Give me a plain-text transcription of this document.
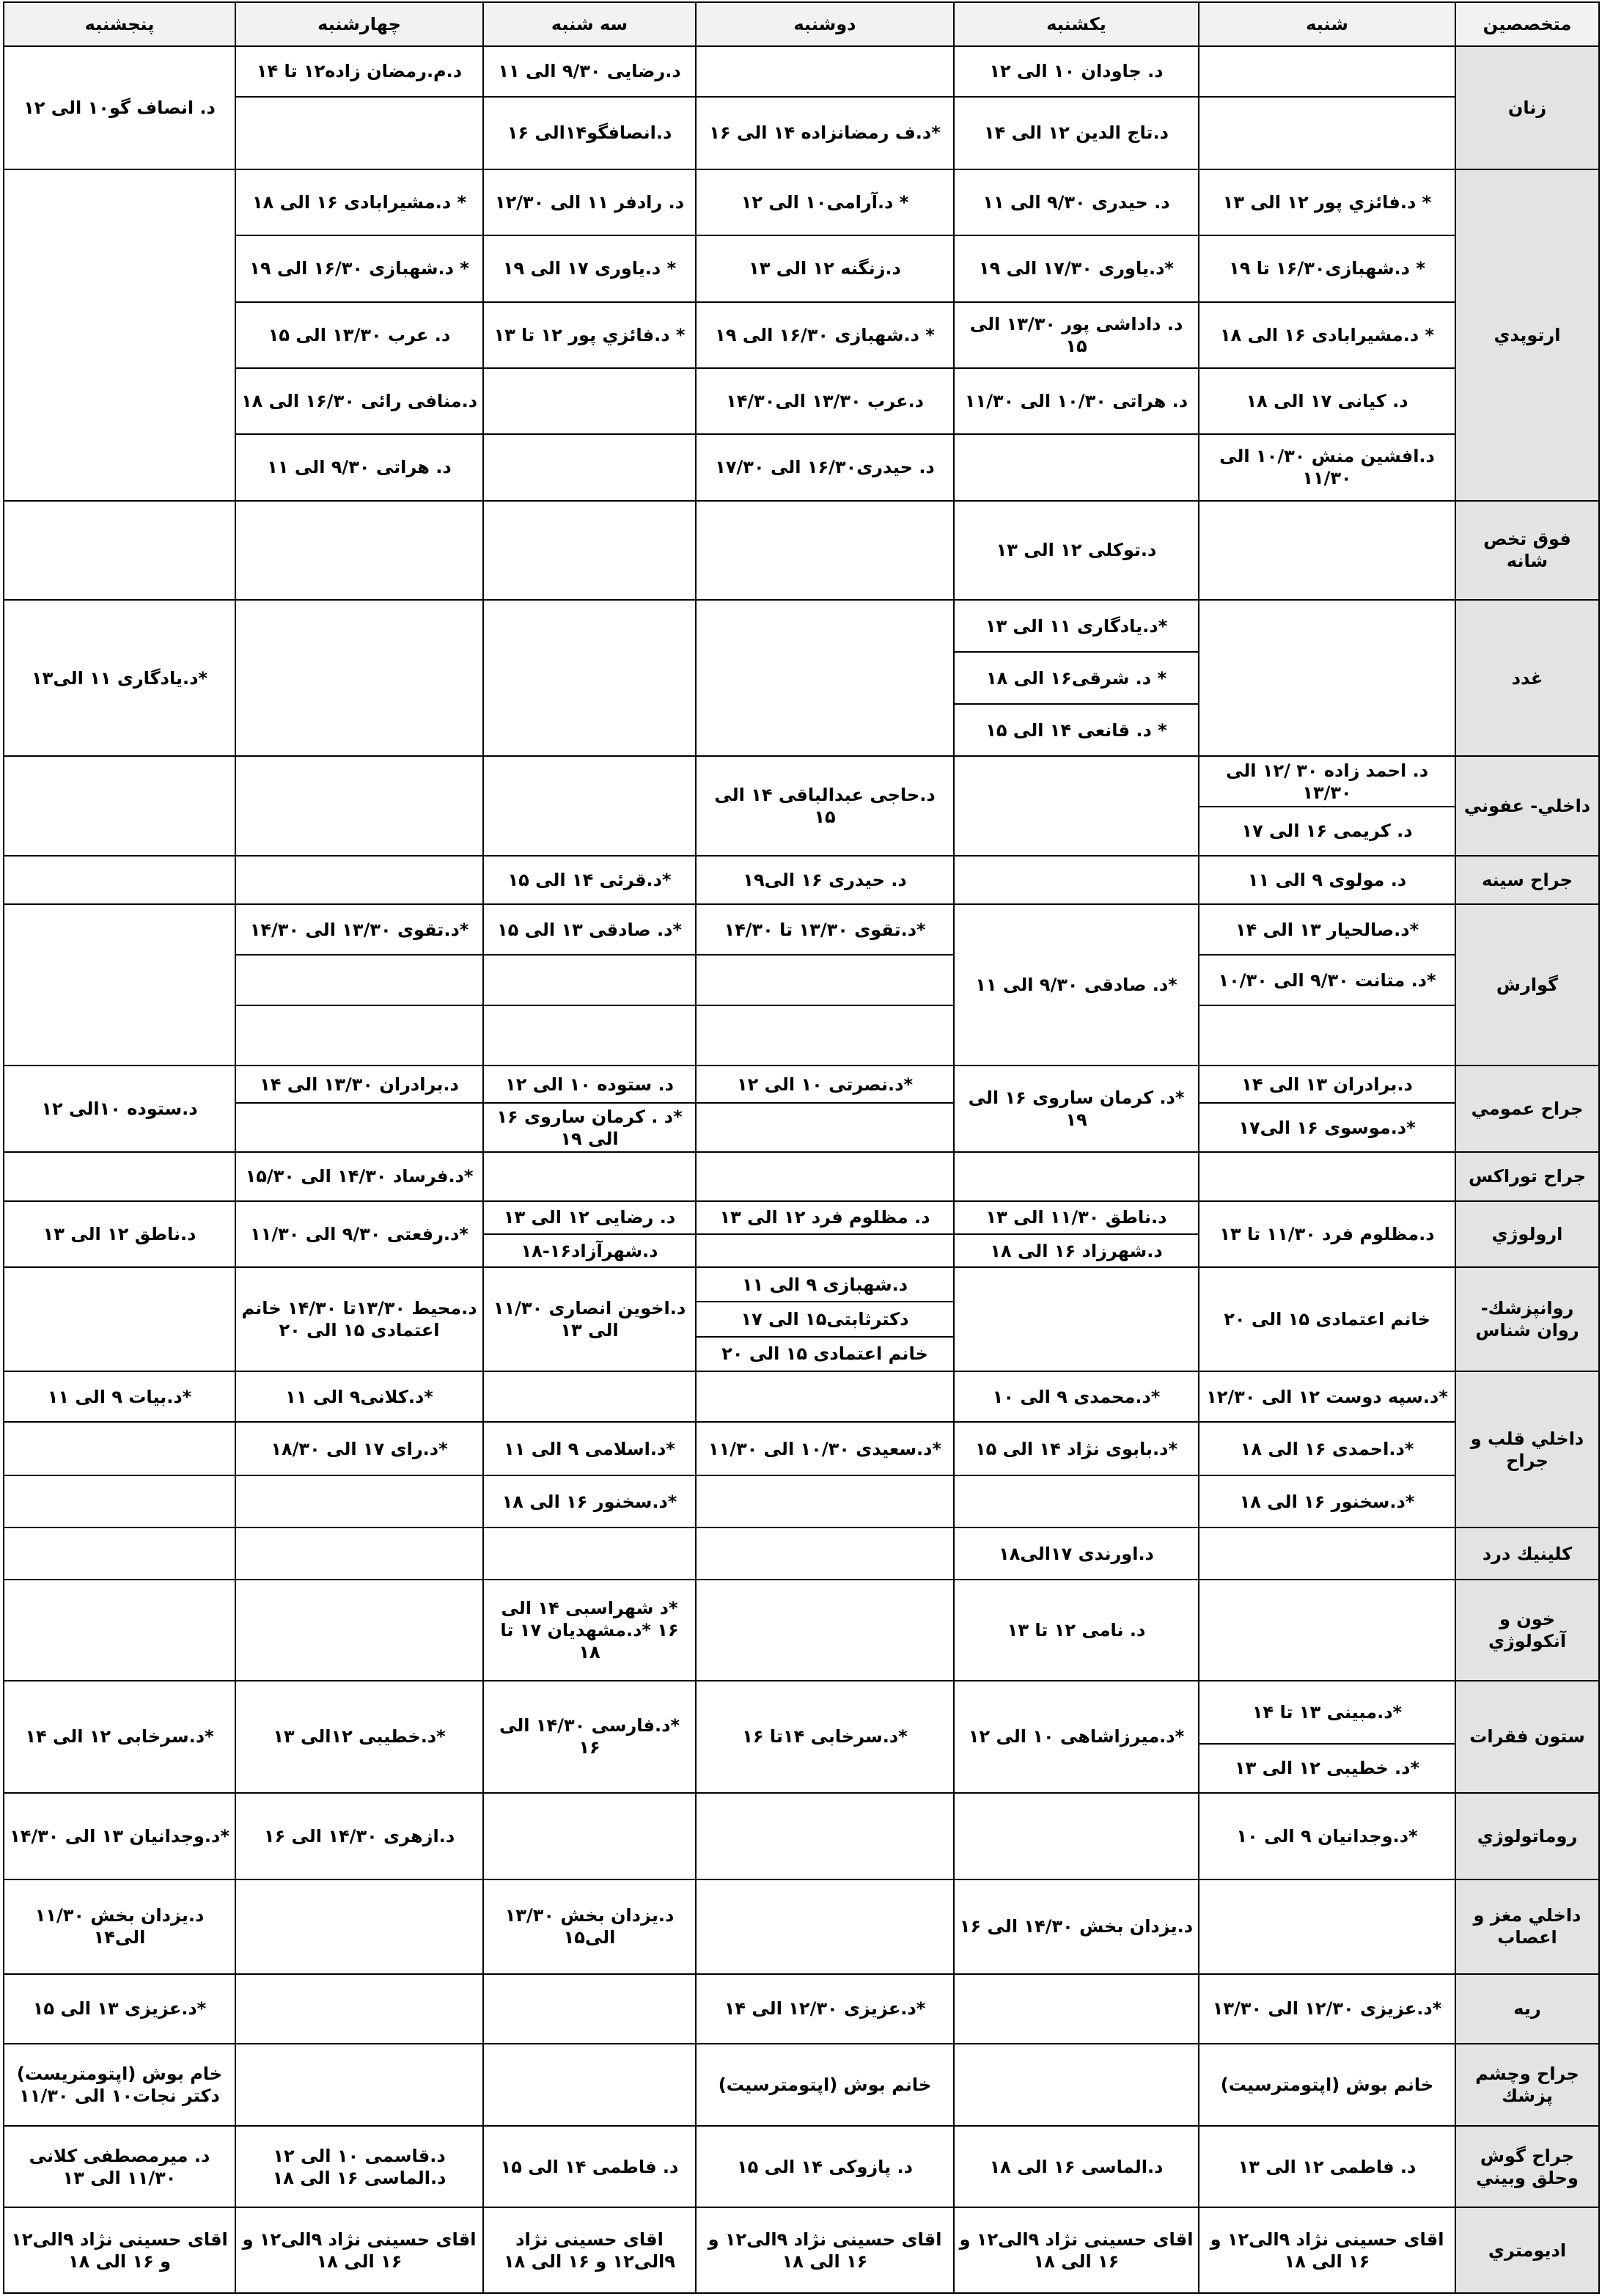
متخصصين	شنبه	يكشنبه	دوشنبه	سه شنبه	چهارشنبه	پنجشنبه
زنان		د. جاودان ۱۰ الی ۱۲		د.رضایی ۹/۳۰ الی ۱۱	د.م.رمضان زاده۱۲ تا ۱۴	د. انصاف گو۱۰ الی ۱۲
		د.تاج الدين ١٢ الى ١۴	*د.ف رمضانزاده ۱۴ الی ۱۶	د.انصافگو۱۴الی ۱۶		
ارتوپدي	* د.فائزي پور ۱۲ الی ۱۳	د. حیدری ۹/۳۰ الی ۱۱	* د.آرامی۱۰ الی ۱۲	د. رادفر ۱۱ الی ۱۲/۳۰	* د.مشیرابادی ۱۶ الی ۱۸	
	* د.شهبازی۱۶/۳۰ تا ۱۹	*د.یاوری ۱۷/۳۰ الی ۱۹	د.زنگنه ۱۲ الی ۱۳	* د.یاوری ۱۷ الی ۱۹	* د.شهبازی ۱۶/۳۰ الی ۱۹	
	* د.مشیرابادی ۱۶ الی ۱۸	د. داداشی پور ۱۳/۳۰ الی ۱۵	* د.شهبازی ۱۶/۳۰ الی ۱۹	* د.فائزي پور ۱۲ تا ۱۳	د. عرب ۱۳/۳۰ الی ۱۵	
	د. کیانی ۱۷ الی ۱۸	د. هراتی ۱۰/۳۰ الی ۱۱/۳۰	د.عرب ۱۳/۳۰ الی۱۴/۳۰		د.منافی رائی ۱۶/۳۰ الی ۱۸	
	د.افشین منش ۱۰/۳۰ الی ۱۱/۳۰		د. حیدری۱۶/۳۰ الی ۱۷/۳۰		د. هراتی ۹/۳۰ الی ۱۱	
فوق تخص شانه		د.توکلی ۱۲ الی ۱۳				
غدد		*د.یادگاری ۱۱ الی ۱۳				*د.یادگاری ۱۱ الی۱۳
		* د. شرقی۱۶ الی ۱۸				
		* د. قانعی ۱۴ الی ۱۵				
داخلي- عفوني	د. احمد زاده ۳۰ /۱۲ الی ۱۳/۳۰		د.حاجی عبدالباقی ۱۴ الی ۱۵			
	د. کریمی ۱۶ الی ۱۷					
جراح سينه	د. مولوی ۹ الی ۱۱		د. حیدری ۱۶ الی۱۹	*د.قرئی ۱۴ الی ۱۵		
گوارش	*د.صالحیار ۱۳ الی ۱۴	*د. صادقی ۹/۳۰ الی ۱۱	*د.تقوی ۱۳/۳۰ تا ۱۴/۳۰	*د. صادقی ۱۳ الی ۱۵	*د.تقوی ۱۳/۳۰ الی ۱۴/۳۰	
	*د. متانت ۹/۳۰ الی ۱۰/۳۰					

جراح عمومي	د.برادران ۱۳ الی ۱۴	*د. کرمان ساروی ۱۶ الی ۱۹	*د.نصرتی ۱۰ الی ۱۲	د. ستوده ۱۰ الی ۱۲	د.برادران ۱۳/۳۰ الی ۱۴	د.ستوده ۱۰الی ۱۲
	*د.موسوی ۱۶ الی۱۷			*د . کرمان ساروی ۱۶ الی ۱۹		
جراح توراكس					*د.فرساد ۱۴/۳۰ الی ۱۵/۳۰	
ارولوژي	د.مظلوم فرد ۱۱/۳۰ تا ۱۳	د.ناطق ۱۱/۳۰ الی ۱۳	د. مظلوم فرد ۱۲ الی ۱۳	د. رضایی ۱۲ الی ۱۳	*د.رفعتی ۹/۳۰ الی ۱۱/۳۰	د.ناطق ۱۲ الی ۱۳
		د.شهرزاد ۱۶ الی ۱۸		د.شهرآزاد۱۶-۱۸		
روانپزشك- روان شناس	خانم اعتمادی ۱۵ الی ۲۰		د.شهبازی ۹ الی ۱۱	د.اخوین انصاری ۱۱/۳۰ الی ۱۳	د.محیط ۱۳/۳۰تا ۱۴/۳۰ خانم اعتمادی ۱۵ الی ۲۰	
			دکترثابتی۱۵ الی ۱۷			
			خانم اعتمادی ۱۵ الی ۲۰			
داخلي قلب و جراح	*د.سپه دوست ۱۲ الی ۱۲/۳۰	*د.محمدی ۹ الی ۱۰			*د.کلانی۹ الی ۱۱	*د.بیات ۹ الی ۱۱
	*د.احمدی ۱۶ الی ۱۸	*د.بابوی نژاد ۱۴ الی ۱۵	*د.سعیدی ۱۰/۳۰ الی ۱۱/۳۰	*د.اسلامی ۹ الی ۱۱	*د.رای ۱۷ الی ۱۸/۳۰	
	*د.سخنور ۱۶ الی ۱۸			*د.سخنور ۱۶ الی ۱۸		
كلينيك درد		د.اورندی ۱۷الی۱۸				
خون و آنكولوژي		د. نامی ۱۲ تا ۱۳		*د شهراسبی ۱۴ الی ۱۶ *د.مشهدیان ۱۷ تا ۱۸		
ستون فقرات	*د.مبینی ۱۳ تا ۱۴	*د.میرزاشاهی ۱۰ الی ۱۲	*د.سرخابی ۱۴تا ۱۶	*د.فارسی ۱۴/۳۰ الی ۱۶	*د.خطیبی ۱۲الی ۱۳	*د.سرخابی ۱۲ الی ۱۴
	*د. خطیبی ۱۲ الی ۱۳					
روماتولوژي	*د.وجدانیان ۹ الی ۱۰				د.ازهری ۱۴/۳۰ الی ۱۶	*د.وجدانیان ۱۳ الی ۱۴/۳۰
داخلي مغز و اعصاب		د.یزدان بخش ۱۴/۳۰ الی ۱۶		د.یزدان بخش ۱۳/۳۰ الی۱۵		د.یزدان بخش ۱۱/۳۰ الی۱۴
ريه	*د.عزیزی ۱۲/۳۰ الی ۱۳/۳۰		*د.عزیزی ۱۲/۳۰ الی ۱۴			*د.عزیزی ۱۳ الی ۱۵
جراح وچشم پزشك	خانم بوش (اپتومترسیت)		خانم بوش (اپتومترسیت)			خام بوش (اپتومتریست) دکتر نجات۱۰ الی ۱۱/۳۰
جراح گوش وحلق وبيني	د. فاطمی ۱۲ الی ۱۳	د.الماسی ۱۶ الی ۱۸	د. پازوکی ۱۴ الی ۱۵	د. فاطمی ۱۴ الی ۱۵	د.قاسمی ۱۰ الی ۱۲ د.الماسی ۱۶ الی ۱۸	د. میرمصطفی کلانی ۱۱/۳۰ الی ۱۳
اديومتري	اقای حسینی نژاد ۹الی۱۲ و ۱۶ الی ۱۸	اقای حسینی نژاد ۹الی۱۲ و ۱۶ الی ۱۸	اقای حسینی نژاد ۹الی۱۲ و ۱۶ الی ۱۸	اقای حسینی نژاد ۹الی۱۲ و ۱۶ الی ۱۸	اقای حسینی نژاد ۹الی۱۲ و ۱۶ الی ۱۸	اقای حسینی نژاد ۹الی۱۲ و ۱۶ الی ۱۸
